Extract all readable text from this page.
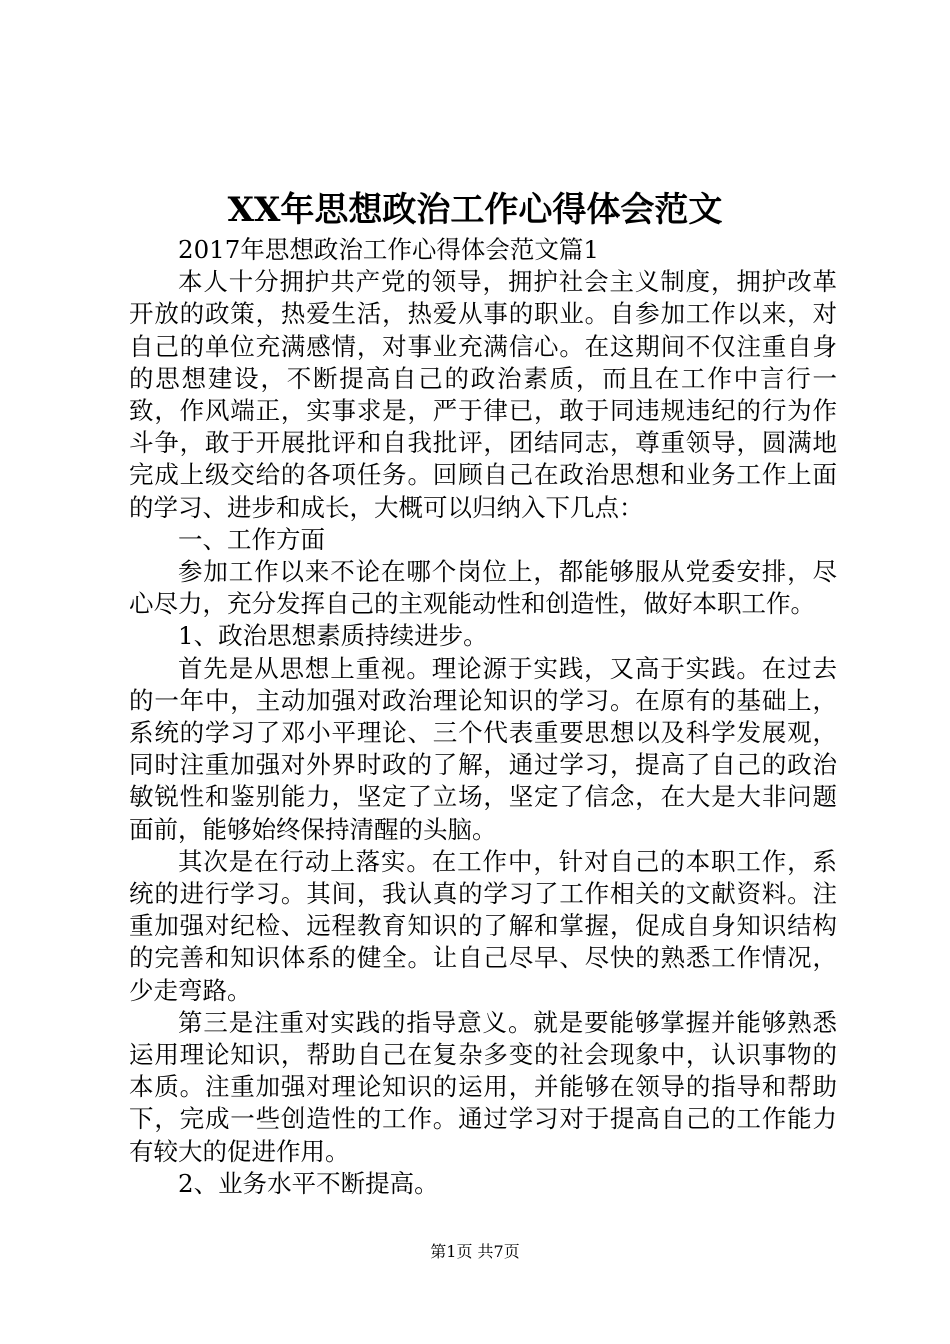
XX年思想政治工作心得体会范文

2017年思想政治工作心得体会范文篇1

本人十分拥护共产党的领导，拥护社会主义制度，拥护改革开放的政策，热爱生活，热爱从事的职业。自参加工作以来，对自己的单位充满感情，对事业充满信心。在这期间不仅注重自身的思想建设，不断提高自己的政治素质，而且在工作中言行一致，作风端正，实事求是，严于律已，敢于同违规违纪的行为作斗争，敢于开展批评和自我批评，团结同志，尊重领导，圆满地完成上级交给的各项任务。回顾自己在政治思想和业务工作上面的学习、进步和成长，大概可以归纳入下几点：

一、工作方面

参加工作以来不论在哪个岗位上，都能够服从党委安排，尽心尽力，充分发挥自己的主观能动性和创造性，做好本职工作。

1、政治思想素质持续进步。

首先是从思想上重视。理论源于实践，又高于实践。在过去的一年中，主动加强对政治理论知识的学习。在原有的基础上，系统的学习了邓小平理论、三个代表重要思想以及科学发展观，同时注重加强对外界时政的了解，通过学习，提高了自己的政治敏锐性和鉴别能力，坚定了立场，坚定了信念，在大是大非问题面前，能够始终保持清醒的头脑。

其次是在行动上落实。在工作中，针对自己的本职工作，系统的进行学习。其间，我认真的学习了工作相关的文献资料。注重加强对纪检、远程教育知识的了解和掌握，促成自身知识结构的完善和知识体系的健全。让自己尽早、尽快的熟悉工作情况，少走弯路。

第三是注重对实践的指导意义。就是要能够掌握并能够熟悉运用理论知识，帮助自己在复杂多变的社会现象中，认识事物的本质。注重加强对理论知识的运用，并能够在领导的指导和帮助下，完成一些创造性的工作。通过学习对于提高自己的工作能力有较大的促进作用。

2、业务水平不断提高。

第1页 共7页
